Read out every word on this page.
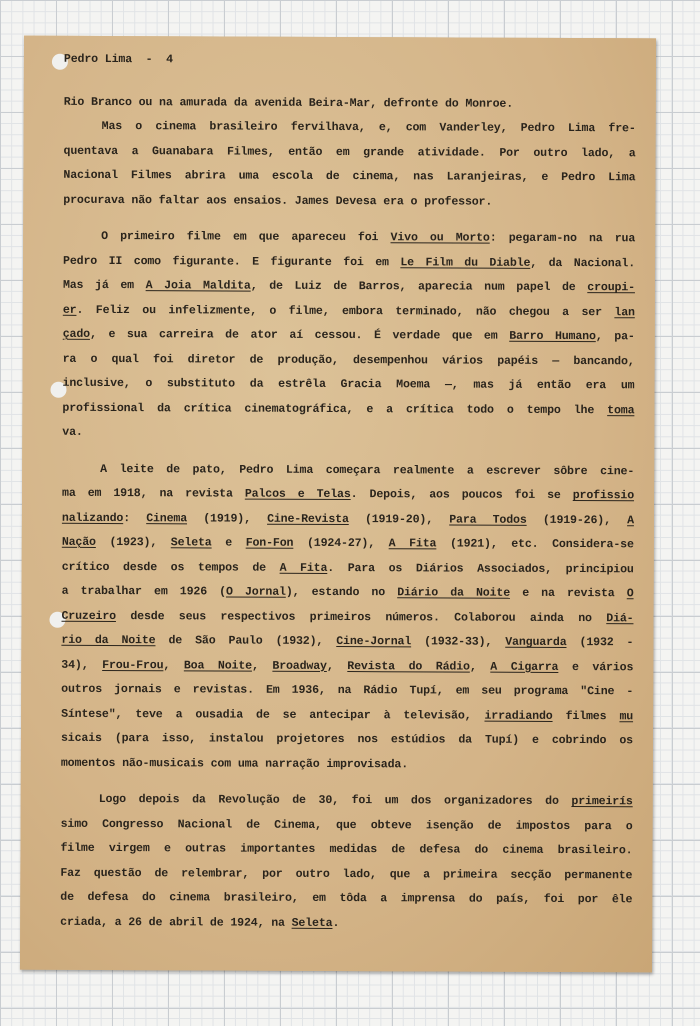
Pedro Lima - 4
Rio Branco ou na amurada da avenida Beira-Mar, defronte do Monroe.
Mas o cinema brasileiro fervilhava, e, com Vanderley, Pedro Lima fre-
quentava a Guanabara Filmes, então em grande atividade. Por outro lado, a
Nacional Filmes abrira uma escola de cinema, nas Laranjeiras, e Pedro Lima
procurava não faltar aos ensaios. James Devesa era o professor.
O primeiro filme em que apareceu foi Vivo ou Morto: pegaram-no na rua
Pedro II como figurante. E figurante foi em Le Film du Diable, da Nacional.
Mas já em A Joia Maldita, de Luiz de Barros, aparecia num papel de croupi-
er. Feliz ou infelizmente, o filme, embora terminado, não chegou a ser lan
çado, e sua carreira de ator aí cessou. É verdade que em Barro Humano, pa-
ra o qual foi diretor de produção, desempenhou vários papéis — bancando,
inclusive, o substituto da estrêla Gracia Moema —, mas já então era um
profissional da crítica cinematográfica, e a crítica todo o tempo lhe toma
va.
A leite de pato, Pedro Lima começara realmente a escrever sôbre cine-
ma em 1918, na revista Palcos e Telas. Depois, aos poucos foi se profissio
nalizando: Cinema (1919), Cine-Revista (1919-20), Para Todos (1919-26), A
Nação (1923), Seleta e Fon-Fon (1924-27), A Fita (1921), etc. Considera-se
crítico desde os tempos de A Fita. Para os Diários Associados, principiou
a trabalhar em 1926 (O Jornal), estando no Diário da Noite e na revista O
Cruzeiro desde seus respectivos primeiros números. Colaborou ainda no Diá-
rio da Noite de São Paulo (1932), Cine-Jornal (1932-33), Vanguarda (1932 -
34), Frou-Frou, Boa Noite, Broadway, Revista do Rádio, A Cigarra e vários
outros jornais e revistas. Em 1936, na Rádio Tupí, em seu programa "Cine -
Síntese", teve a ousadia de se antecipar à televisão, irradiando filmes mu
sicais (para isso, instalou projetores nos estúdios da Tupí) e cobrindo os
momentos não-musicais com uma narração improvisada.
Logo depois da Revolução de 30, foi um dos organizadores do primeirís
simo Congresso Nacional de Cinema, que obteve isenção de impostos para o
filme virgem e outras importantes medidas de defesa do cinema brasileiro.
Faz questão de relembrar, por outro lado, que a primeira secção permanente
de defesa do cinema brasileiro, em tôda a imprensa do país, foi por êle
criada, a 26 de abril de 1924, na Seleta.
